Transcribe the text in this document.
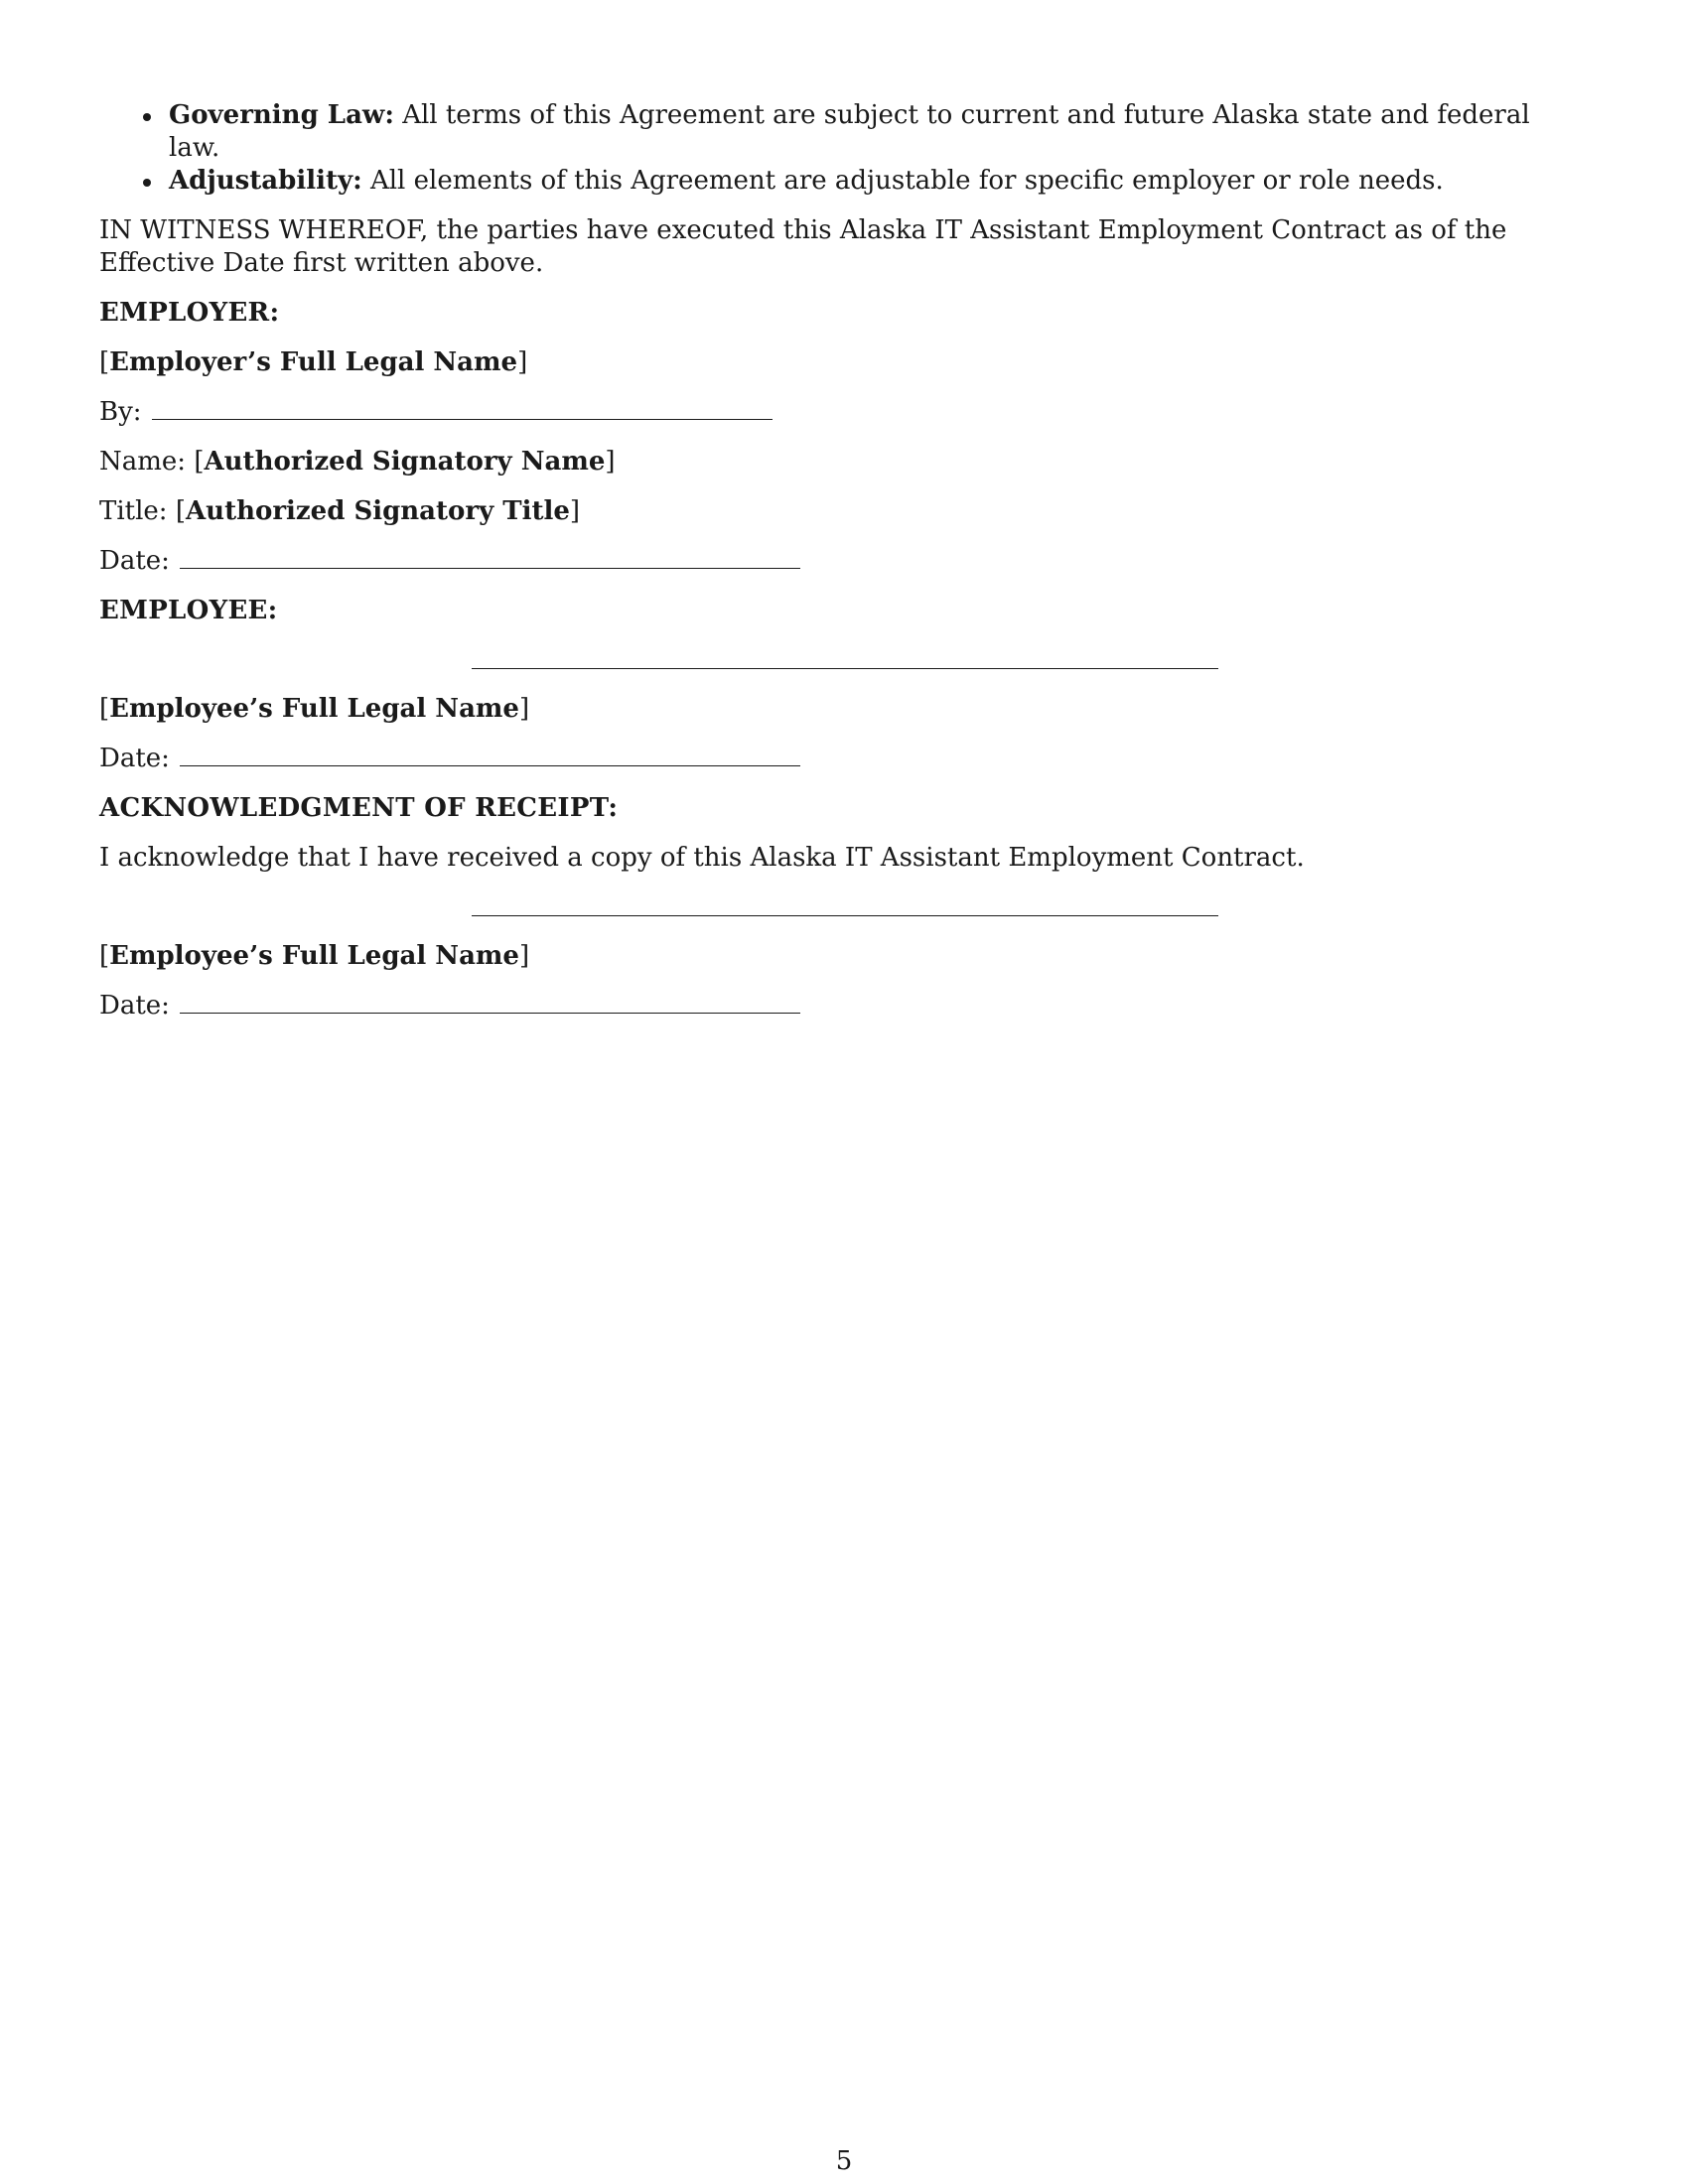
Governing Law: All terms of this Agreement are subject to current and future Alaska state and federal law.
Adjustability: All elements of this Agreement are adjustable for specific employer or role needs.

IN WITNESS WHEREOF, the parties have executed this Alaska IT Assistant Employment Contract as of the Effective Date first written above.

EMPLOYER:

[Employer’s Full Legal Name]

By:

Name: [Authorized Signatory Name]

Title: [Authorized Signatory Title]

Date:

EMPLOYEE:

[Employee’s Full Legal Name]

Date:

ACKNOWLEDGMENT OF RECEIPT:

I acknowledge that I have received a copy of this Alaska IT Assistant Employment Contract.

[Employee’s Full Legal Name]

Date:

5
